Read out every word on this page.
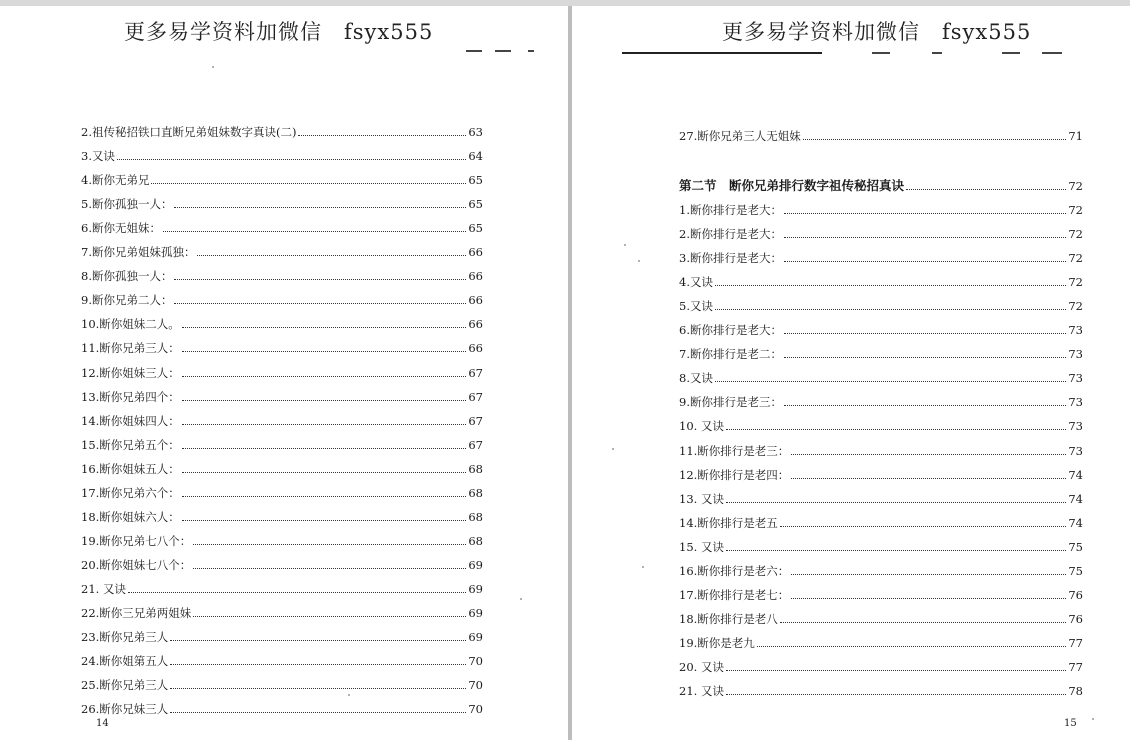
更多易学资料加微信　fsyx555
2.祖传秘招铁口直断兄弟姐妹数字真诀(二)	63
3.又诀	64
4.断你无弟兄	65
5.断你孤独一人：	65
6.断你无姐妹：	65
7.断你兄弟姐妹孤独：	66
8.断你孤独一人：	66
9.断你兄弟二人：	66
10.断你姐妹二人。	66
11.断你兄弟三人：	66
12.断你姐妹三人：	67
13.断你兄弟四个：	67
14.断你姐妹四人：	67
15.断你兄弟五个：	67
16.断你姐妹五人：	68
17.断你兄弟六个：	68
18.断你姐妹六人：	68
19.断你兄弟七八个：	68
20.断你姐妹七八个：	69
21. 又诀	69
22.断你三兄弟两姐妹	69
23.断你兄弟三人	69
24.断你姐第五人	70
25.断你兄弟三人	70
26.断你兄妹三人	70
14
更多易学资料加微信　fsyx555
27.断你兄弟三人无姐妹	71
第二节　断你兄弟排行数字祖传秘招真诀	72
1.断你排行是老大：	72
2.断你排行是老大：	72
3.断你排行是老大：	72
4.又诀	72
5.又诀	72
6.断你排行是老大：	73
7.断你排行是老二：	73
8.又诀	73
9.断你排行是老三：	73
10. 又诀	73
11.断你排行是老三：	73
12.断你排行是老四：	74
13. 又诀	74
14.断你排行是老五	74
15. 又诀	75
16.断你排行是老六：	75
17.断你排行是老七：	76
18.断你排行是老八	76
19.断你是老九	77
20. 又诀	77
21. 又诀	78
15
